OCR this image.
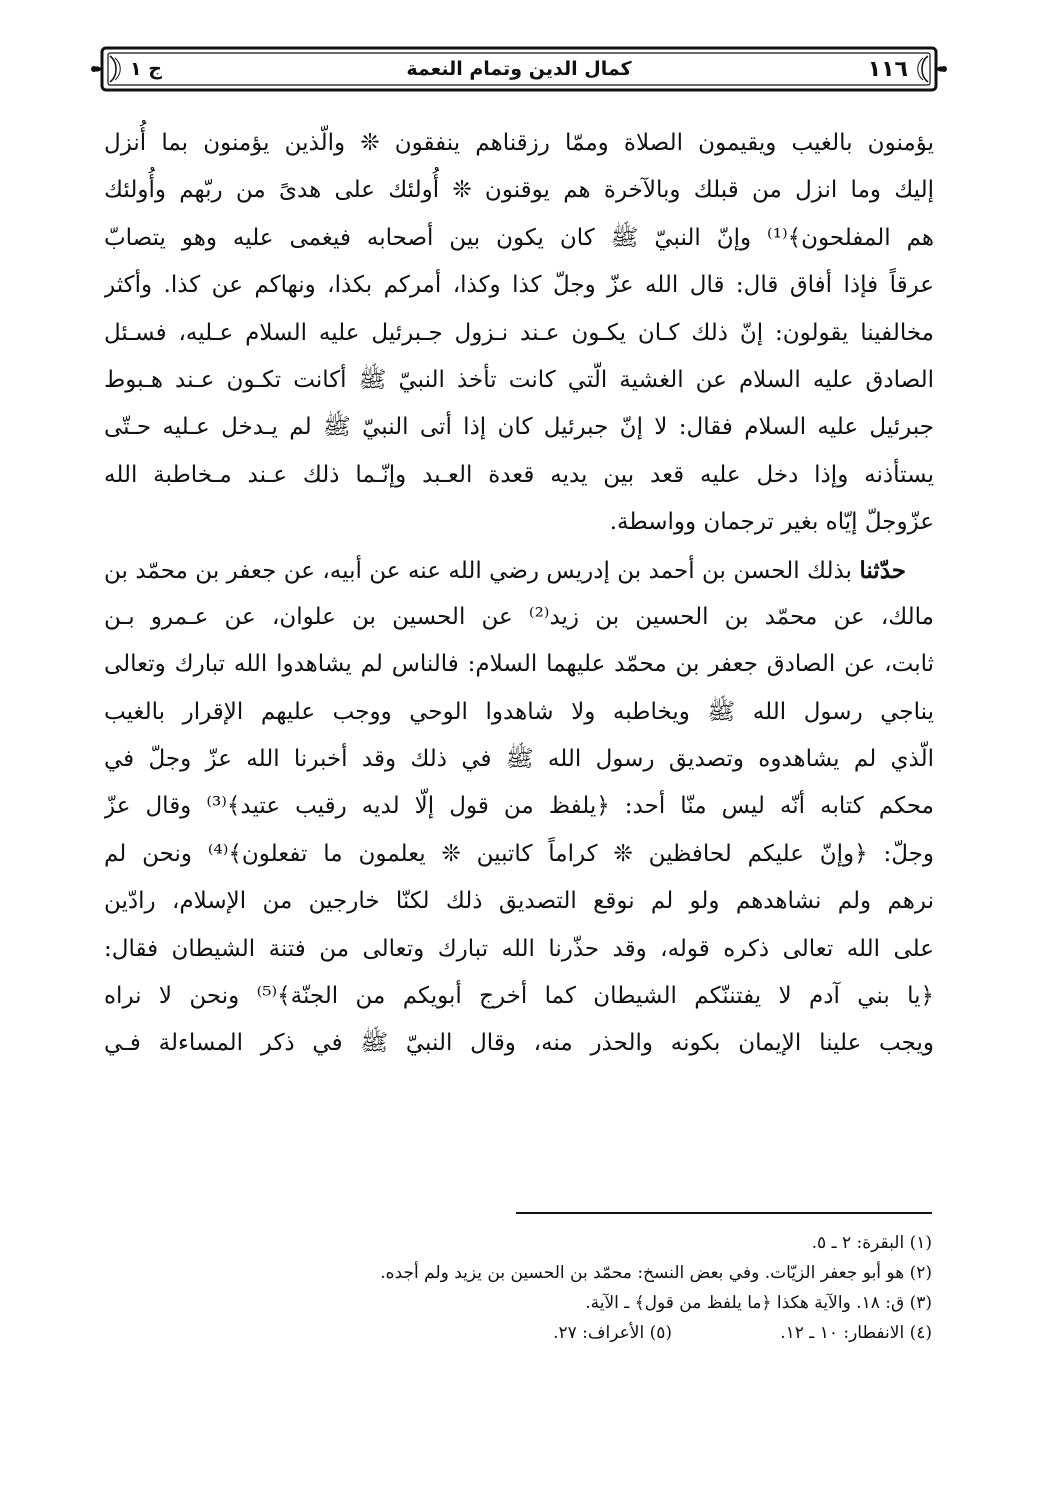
١١٦
كمال الدين وتمام النعمة
ج ١
يؤمنون بالغيب ويقيمون الصلاة وممّا رزقناهم ينفقون ❊ والّذين يؤمنون بما أُنزل
إليك وما انزل من قبلك وبالآخرة هم يوقنون ❊ أُولئك على هدىً من ربّهم وأُولئك
هم المفلحون﴾⁽¹⁾ وإنّ النبيّ ﷺ كان يكون بين أصحابه فيغمى عليه وهو يتصابّ
عرقاً فإذا أفاق قال: قال الله عزّ وجلّ كذا وكذا، أمركم بكذا، ونهاكم عن كذا. وأكثر
مخالفينا يقولون: إنّ ذلك كـان يكـون عـند نـزول جـبرئيل عليه السلام عـليه، فسـئل
الصادق عليه السلام عن الغشية الّتي كانت تأخذ النبيّ ﷺ أكانت تكـون عـند هـبوط
جبرئيل عليه السلام فقال: لا إنّ جبرئيل كان إذا أتى النبيّ ﷺ لم يـدخل عـليه حـتّى
يستأذنه وإذا دخل عليه قعد بين يديه قعدة العـبد وإنّـما ذلك عـند مـخاطبة الله
عزّوجلّ إيّاه بغير ترجمان وواسطة.
حدّثنا بذلك الحسن بن أحمد بن إدريس رضي الله عنه عن أبيه، عن جعفر بن محمّد بن
مالك، عن محمّد بن الحسين بن زيد⁽²⁾ عن الحسين بن علوان، عن عـمرو بـن
ثابت، عن الصادق جعفر بن محمّد عليهما السلام: فالناس لم يشاهدوا الله تبارك وتعالى
يناجي رسول الله ﷺ ويخاطبه ولا شاهدوا الوحي ووجب عليهم الإقرار بالغيب
الّذي لم يشاهدوه وتصديق رسول الله ﷺ في ذلك وقد أخبرنا الله عزّ وجلّ في
محكم كتابه أنّه ليس منّا أحد: ﴿يلفظ من قول إلّا لديه رقيب عتيد﴾⁽³⁾ وقال عزّ
وجلّ: ﴿وإنّ عليكم لحافظين ❊ كراماً كاتبين ❊ يعلمون ما تفعلون﴾⁽⁴⁾ ونحن لم
نرهم ولم نشاهدهم ولو لم نوقع التصديق ذلك لكنّا خارجين من الإسلام، رادّين
على الله تعالى ذكره قوله، وقد حذّرنا الله تبارك وتعالى من فتنة الشيطان فقال:
﴿يا بني آدم لا يفتننّكم الشيطان كما أخرج أبويكم من الجنّة﴾⁽⁵⁾ ونحن لا نراه
ويجب علينا الإيمان بكونه والحذر منه، وقال النبيّ ﷺ في ذكر المساءلة فـي
(١) البقرة: ٢ ـ ٥.
(٢) هو أبو جعفر الزيّات. وفي بعض النسخ: محمّد بن الحسين بن يزيد ولم أجده.
(٣) ق: ١٨. والآية هكذا ﴿ما يلفظ من قول﴾ ـ الآية.
(٤) الانفطار: ١٠ ـ ١٢.
(٥) الأعراف: ٢٧.
